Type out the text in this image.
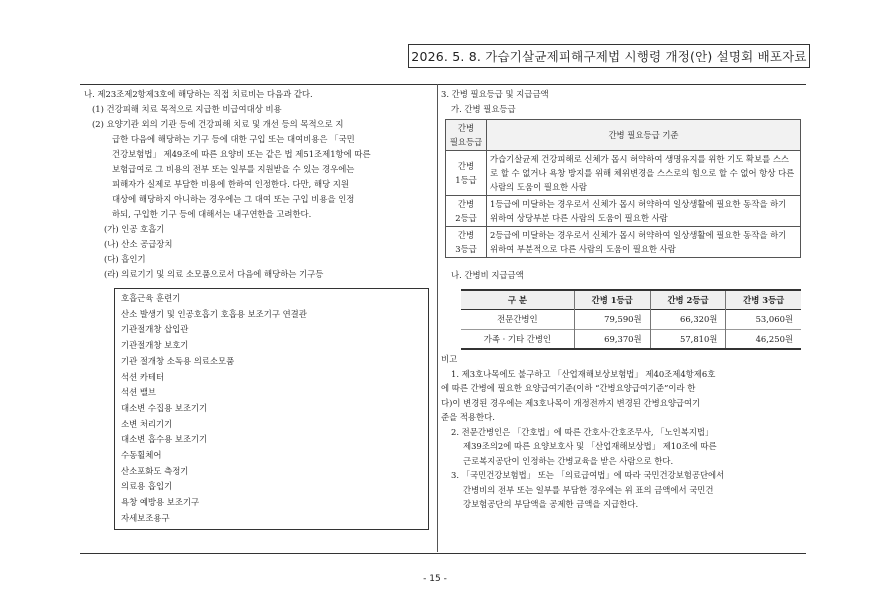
2026. 5. 8. 가습기살균제피해구제법 시행령 개정(안) 설명회 배포자료
나. 제23조제2항제3호에 해당하는 직접 치료비는 다음과 같다.
(1) 건강피해 치료 목적으로 지급한 비급여대상 비용
(2) 요양기관 외의 기관 등에 건강피해 치료 및 개선 등의 목적으로 지
급한 다음에 해당하는 기구 등에 대한 구입 또는 대여비용은 「국민
건강보험법」 제49조에 따른 요양비 또는 같은 법 제51조제1항에 따른
보험급여로 그 비용의 전부 또는 일부를 지원받을 수 있는 경우에는
피해자가 실제로 부담한 비용에 한하여 인정한다. 다만, 해당 지원
대상에 해당하지 아니하는 경우에는 그 대여 또는 구입 비용을 인정
하되, 구입한 기구 등에 대해서는 내구연한을 고려한다.
(가) 인공 호흡기
(나) 산소 공급장치
(다) 흡인기
(라) 의료기기 및 의료 소모품으로서 다음에 해당하는 기구등
호흡근육 훈련기
산소 발생기 및 인공호흡기 호흡용 보조기구 연결관
기관절개창 삽입관
기관절개창 보호기
기관 절개창 소독용 의료소모품
석션 카테터
석션 밸브
대소변 수집용 보조기기
소변 처리기기
대소변 흡수용 보조기기
수동휠체어
산소포화도 측정기
의료용 흡입기
욕창 예방용 보조기구
자세보조용구
3. 간병 필요등급 및 지급금액
가. 간병 필요등급
간병
필요등급	간병 필요등급 기준
간병
1등급	가습기살균제 건강피해로 신체가 몹시 허약하여 생명유지를 위한 기도 확보를 스스로 할 수 없거나 욕창 방지를 위해 체위변경을 스스로의 힘으로 할 수 없어 항상 다른 사람의 도움이 필요한 사람
간병
2등급	1등급에 미달하는 경우로서 신체가 몹시 허약하여 일상생활에 필요한 동작을 하기 위하여 상당부분 다른 사람의 도움이 필요한 사람
간병
3등급	2등급에 미달하는 경우로서 신체가 몹시 허약하여 일상생활에 필요한 동작을 하기 위하여 부분적으로 다른 사람의 도움이 필요한 사람
나. 간병비 지급금액
구 분	간병 1등급	간병 2등급	간병 3등급
전문간병인	79,590원	66,320원	53,060원
가족 · 기타 간병인	69,370원	57,810원	46,250원
비고
1. 제3호나목에도 불구하고 「산업재해보상보험법」 제40조제4항제6호
에 따른 간병에 필요한 요양급여기준(이하 “간병요양급여기준”이라 한
다)이 변경된 경우에는 제3호나목이 개정전까지 변경된 간병요양급여기
준을 적용한다.
2. 전문간병인은 「간호법」에 따른 간호사·간호조무사, 「노인복지법」
제39조의2에 따른 요양보호사 및 「산업재해보상법」 제10조에 따른
근로복지공단이 인정하는 간병교육을 받은 사람으로 한다.
3. 「국민건강보험법」 또는 「의료급여법」에 따라 국민건강보험공단에서
간병비의 전부 또는 일부를 부담한 경우에는 위 표의 금액에서 국민건
강보험공단의 부담액을 공제한 금액을 지급한다.
- 15 -
